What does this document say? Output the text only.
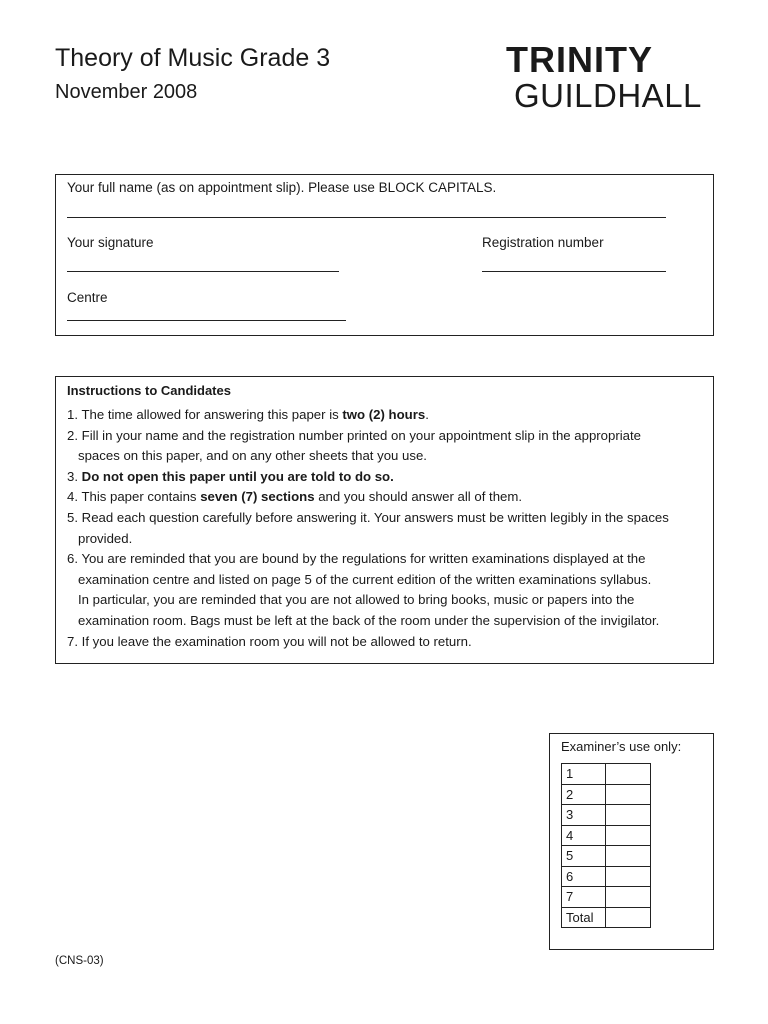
Theory of Music Grade 3
November 2008
TRINITY
GUILDHALL
Your full name (as on appointment slip). Please use BLOCK CAPITALS.
Your signature	Registration number
Centre
Instructions to Candidates
1. The time allowed for answering this paper is two (2) hours.
2. Fill in your name and the registration number printed on your appointment slip in the appropriate
spaces on this paper, and on any other sheets that you use.
3. Do not open this paper until you are told to do so.
4. This paper contains seven (7) sections and you should answer all of them.
5. Read each question carefully before answering it. Your answers must be written legibly in the spaces
provided.
6. You are reminded that you are bound by the regulations for written examinations displayed at the
examination centre and listed on page 5 of the current edition of the written examinations syllabus.
In particular, you are reminded that you are not allowed to bring books, music or papers into the
examination room. Bags must be left at the back of the room under the supervision of the invigilator.
7. If you leave the examination room you will not be allowed to return.
Examiner’s use only:
1	
2	
3	
4	
5	
6	
7	
Total	
(CNS-03)
